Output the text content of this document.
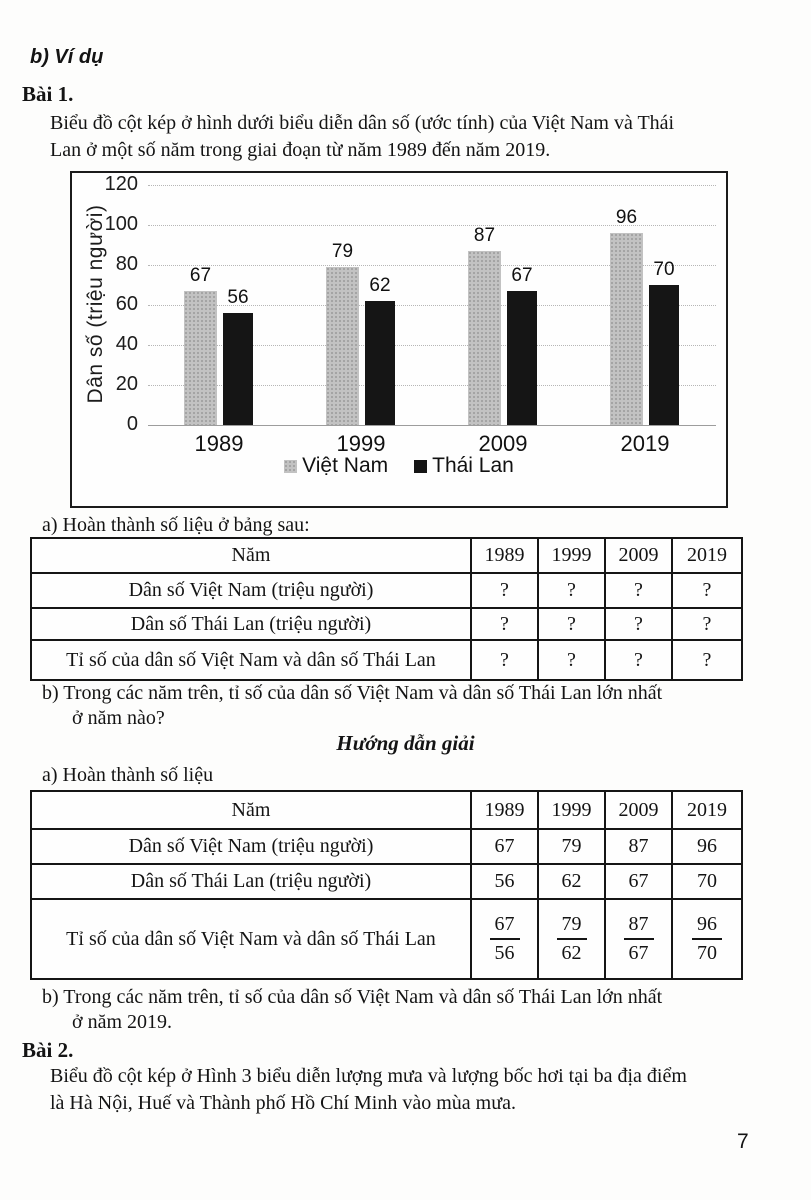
b) Ví dụ
Bài 1.
Biểu đồ cột kép ở hình dưới biểu diễn dân số (ước tính) của Việt Nam và Thái
Lan ở một số năm trong giai đoạn từ năm 1989 đến năm 2019.
0
20
40
60
80
100
120
Dân số (triệu người)	67
56
1989
79
62
1999
87
67
2009
96
70
2019
Việt Nam Thái Lan
a) Hoàn thành số liệu ở bảng sau:
Năm	1989	1999	2009	2019
Dân số Việt Nam (triệu người)	?	?	?	?
Dân số Thái Lan (triệu người)	?	?	?	?
Tỉ số của dân số Việt Nam và dân số Thái Lan	?	?	?	?
b) Trong các năm trên, tỉ số của dân số Việt Nam và dân số Thái Lan lớn nhất
ở năm nào?
Hướng dẫn giải
a) Hoàn thành số liệu
Năm	1989	1999	2009	2019
Dân số Việt Nam (triệu người)	67	79	87	96
Dân số Thái Lan (triệu người)	56	62	67	70
Tỉ số của dân số Việt Nam và dân số Thái Lan	$\frac{67}{56}$	$\frac{79}{62}$	$\frac{87}{67}$	$\frac{96}{70}$
b) Trong các năm trên, tỉ số của dân số Việt Nam và dân số Thái Lan lớn nhất
ở năm 2019.
Bài 2.
Biểu đồ cột kép ở Hình 3 biểu diễn lượng mưa và lượng bốc hơi tại ba địa điểm
là Hà Nội, Huế và Thành phố Hồ Chí Minh vào mùa mưa.
7
